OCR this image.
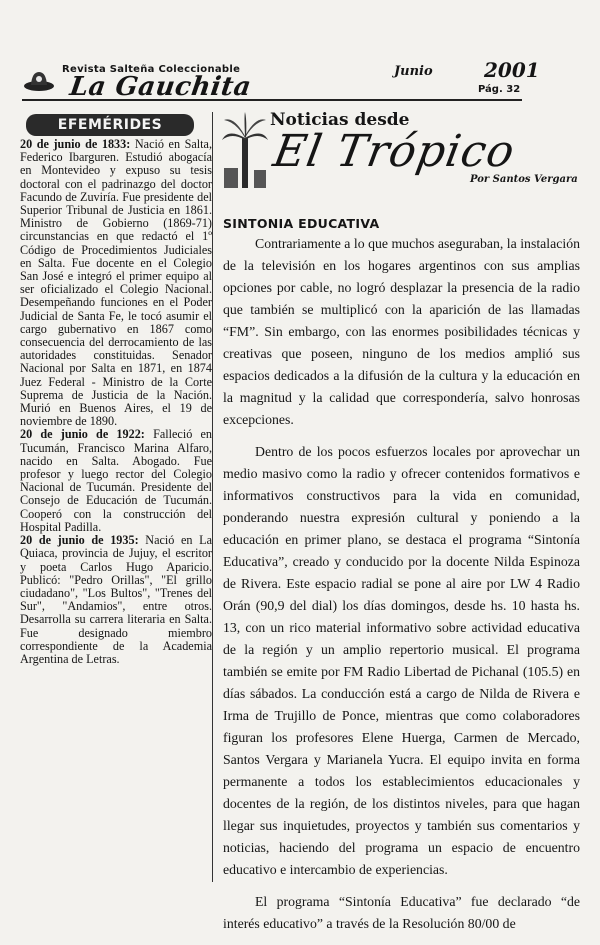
Revista Salteña Coleccionable
La Gauchita
Junio	2001
Pág. 32
EFEMÉRIDES

20 de junio de 1833: Nació en Salta, Federico Ibarguren. Estudió abogacía en Montevideo y expuso su tesis doctoral con el padrinazgo del doctor Facundo de Zuviría. Fue presidente del Superior Tribunal de Justicia en 1861. Ministro de Gobierno (1869-71) circunstancias en que redactó el 1º Código de Procedimientos Judiciales en Salta. Fue docente en el Colegio San José e integró el primer equipo al ser oficializado el Colegio Nacional. Desempeñando funciones en el Poder Judicial de Santa Fe, le tocó asumir el cargo gubernativo en 1867 como consecuencia del derrocamiento de las autoridades constituidas. Senador Nacional por Salta en 1871, en 1874 Juez Federal - Ministro de la Corte Suprema de Justicia de la Nación. Murió en Buenos Aires, el 19 de noviembre de 1890.

20 de junio de 1922: Falleció en Tucumán, Francisco Marina Alfaro, nacido en Salta. Abogado. Fue profesor y luego rector del Colegio Nacional de Tucumán. Presidente del Consejo de Educación de Tucumán. Cooperó con la construcción del Hospital Padilla.

20 de junio de 1935: Nació en La Quiaca, provincia de Jujuy, el escritor y poeta Carlos Hugo Aparicio. Publicó: "Pedro Orillas", "El grillo ciudadano", "Los Bultos", "Trenes del Sur", "Andamios", entre otros. Desarrolla su carrera literaria en Salta. Fue designado miembro correspondiente de la Academia Argentina de Letras.

Noticias desde
El Trópico
Por Santos Vergara
SINTONIA EDUCATIVA

Contrariamente a lo que muchos aseguraban, la instalación de la televisión en los hogares argentinos con sus amplias opciones por cable, no logró desplazar la presencia de la radio que también se multiplicó con la aparición de las llamadas “FM”. Sin embargo, con las enormes posibilidades técnicas y creativas que poseen, ninguno de los medios amplió sus espacios dedicados a la difusión de la cultura y la educación en la magnitud y la calidad que correspondería, salvo honrosas excepciones.

Dentro de los pocos esfuerzos locales por aprovechar un medio masivo como la radio y ofrecer contenidos formativos e informativos constructivos para la vida en comunidad, ponderando nuestra expresión cultural y poniendo a la educación en primer plano, se destaca el programa “Sintonía Educativa”, creado y conducido por la docente Nilda Espinoza de Rivera. Este espacio radial se pone al aire por LW 4 Radio Orán (90,9 del dial) los días domingos, desde hs. 10 hasta hs. 13, con un rico material informativo sobre actividad educativa de la región y un amplio repertorio musical. El programa también se emite por FM Radio Libertad de Pichanal (105.5) en días sábados. La conducción está a cargo de Nilda de Rivera e Irma de Trujillo de Ponce, mientras que como colaboradores figuran los profesores Elene Huerga, Carmen de Mercado, Santos Vergara y Marianela Yucra. El equipo invita en forma permanente a todos los establecimientos educacionales y docentes de la región, de los distintos niveles, para que hagan llegar sus inquietudes, proyectos y también sus comentarios y noticias, haciendo del programa un espacio de encuentro educativo e intercambio de experiencias.

El programa “Sintonía Educativa” fue declarado “de interés educativo” a través de la Resolución 80/00 de
